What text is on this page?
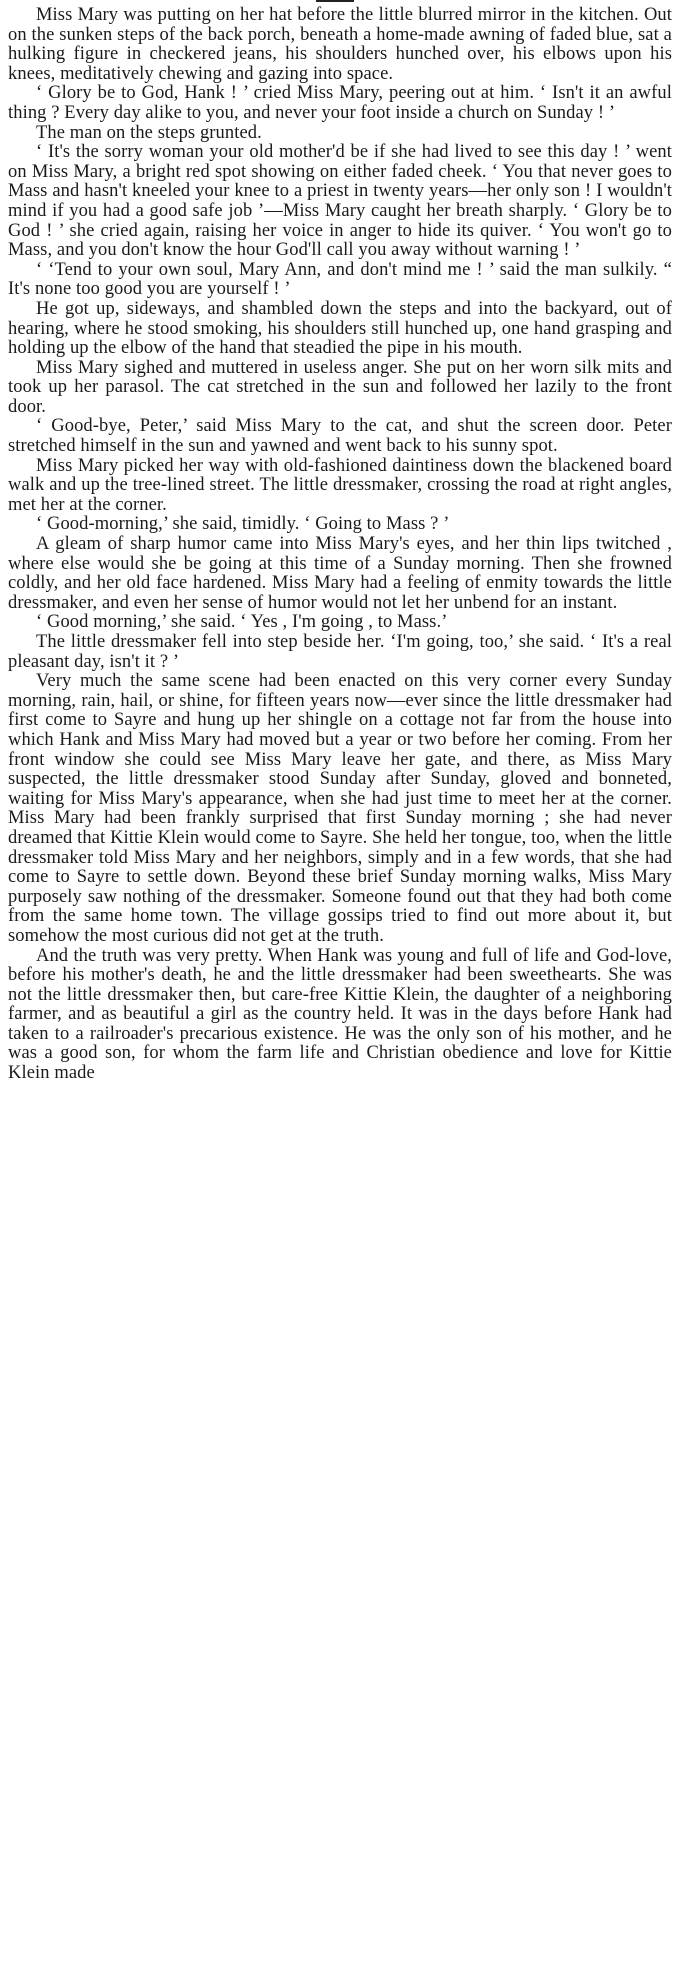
Miss Mary was putting on her hat before the little blurred mirror in the kitchen. Out on the sunken steps of the back porch, beneath a home-made awning of faded blue, sat a hulking figure in checkered jeans, his shoulders hunched over, his elbows upon his knees, meditatively chewing and gazing into space.

‘ Glory be to God, Hank ! ’ cried Miss Mary, peering out at him. ‘ Isn't it an awful thing ? Every day alike to you, and never your foot inside a church on Sunday ! ’

The man on the steps grunted.

‘ It's the sorry woman your old mother'd be if she had lived to see this day ! ’ went on Miss Mary, a bright red spot showing on either faded cheek. ‘ You that never goes to Mass and hasn't kneeled your knee to a priest in twenty years—her only son ! I wouldn't mind if you had a good safe job ’—Miss Mary caught her breath sharply. ‘ Glory be to God ! ’ she cried again, raising her voice in anger to hide its quiver. ‘ You won't go to Mass, and you don't know the hour God'll call you away without warning ! ’

‘ ‘Tend to your own soul, Mary Ann, and don't mind me ! ’ said the man sulkily. “ It's none too good you are yourself ! ’

He got up, sideways, and shambled down the steps and into the backyard, out of hearing, where he stood smoking, his shoulders still hunched up, one hand grasping and holding up the elbow of the hand that steadied the pipe in his mouth.

Miss Mary sighed and muttered in useless anger. She put on her worn silk mits and took up her parasol. The cat stretched in the sun and followed her lazily to the front door.

‘ Good-bye, Peter,’ said Miss Mary to the cat, and shut the screen door. Peter stretched himself in the sun and yawned and went back to his sunny spot.

Miss Mary picked her way with old-fashioned daintiness down the blackened board walk and up the tree-lined street. The little dressmaker, crossing the road at right angles, met her at the corner.

‘ Good-morning,’ she said, timidly. ‘ Going to Mass ? ’

A gleam of sharp humor came into Miss Mary's eyes, and her thin lips twitched , where else would she be going at this time of a Sunday morning. Then she frowned coldly, and her old face hardened. Miss Mary had a feeling of enmity towards the little dressmaker, and even her sense of humor would not let her unbend for an instant.

‘ Good morning,’ she said. ‘ Yes , I'm going , to Mass.’

The little dressmaker fell into step beside her. ‘I'm going, too,’ she said. ‘ It's a real pleasant day, isn't it ? ’

Very much the same scene had been enacted on this very corner every Sunday morning, rain, hail, or shine, for fifteen years now—ever since the little dressmaker had first come to Sayre and hung up her shingle on a cottage not far from the house into which Hank and Miss Mary had moved but a year or two before her coming. From her front window she could see Miss Mary leave her gate, and there, as Miss Mary suspected, the little dressmaker stood Sunday after Sunday, gloved and bonneted, waiting for Miss Mary's appearance, when she had just time to meet her at the corner. Miss Mary had been frankly surprised that first Sunday morning ; she had never dreamed that Kittie Klein would come to Sayre. She held her tongue, too, when the little dressmaker told Miss Mary and her neighbors, simply and in a few words, that she had come to Sayre to settle down. Beyond these brief Sunday morning walks, Miss Mary purposely saw nothing of the dressmaker. Someone found out that they had both come from the same home town. The village gossips tried to find out more about it, but somehow the most curious did not get at the truth.

And the truth was very pretty. When Hank was young and full of life and God-love, before his mother's death, he and the little dressmaker had been sweethearts. She was not the little dressmaker then, but care-free Kittie Klein, the daughter of a neighboring farmer, and as beautiful a girl as the country held. It was in the days before Hank had taken to a railroader's precarious existence. He was the only son of his mother, and he was a good son, for whom the farm life and Christian obedience and love for Kittie Klein made
